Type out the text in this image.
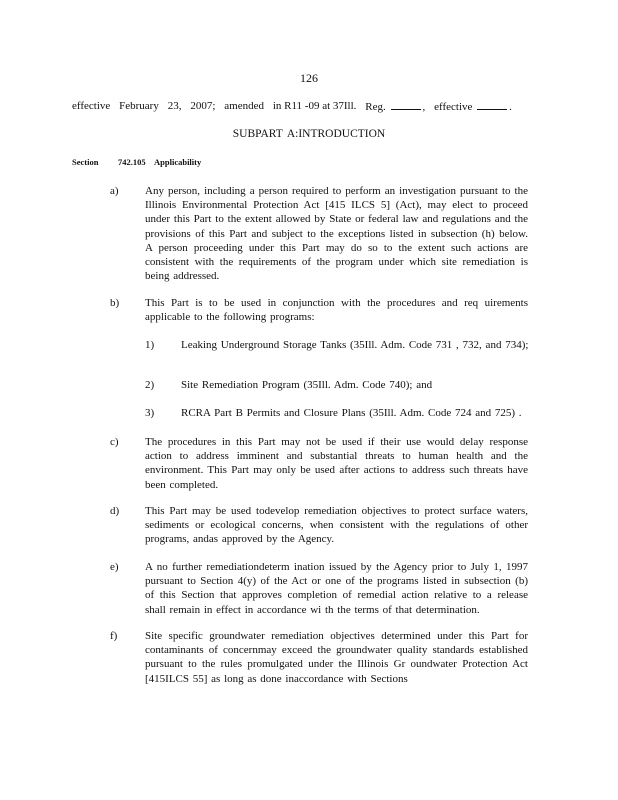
126
effective February 23, 2007; amended in R11 -09 at 37Ill. Reg.	, effective	.
SUBPART A:INTRODUCTION
Section 742.105 Applicability
a)	Any person, including a person required to perform an investigation pursuant to the Illinois Environmental Protection Act [415 ILCS 5] (Act), may elect to proceed under this Part to the extent allowed by State or federal law and regulations and the provisions of this Part and subject to the exceptions listed in subsection (h) below. A person proceeding under this Part may do so to the extent such actions are consistent with the requirements of the program under which site remediation is being addressed.
b)	This Part is to be used in conjunction with the procedures and req uirements applicable to the following programs:
1)	Leaking Underground Storage Tanks (35Ill. Adm. Code 731 , 732, and 734);
2)	Site Remediation Program (35Ill. Adm. Code 740); and
3)	RCRA Part B Permits and Closure Plans (35Ill. Adm. Code 724 and 725) .
c)	The procedures in this Part may not be used if their use would delay response action to address imminent and substantial threats to human health and the environment. This Part may only be used after actions to address such threats have been completed.
d)	This Part may be used todevelop remediation objectives to protect surface waters, sediments or ecological concerns, when consistent with the regulations of other programs, andas approved by the Agency.
e)	A no further remediationdeterm ination issued by the Agency prior to July 1, 1997 pursuant to Section 4(y) of the Act or one of the programs listed in subsection (b) of this Section that approves completion of remedial action relative to a release shall remain in effect in accordance wi th the terms of that determination.
f)	Site specific groundwater remediation objectives determined under this Part for contaminants of concernmay exceed the groundwater quality standards established pursuant to the rules promulgated under the Illinois Gr oundwater Protection Act [415ILCS 55] as long as done inaccordance with Sections
